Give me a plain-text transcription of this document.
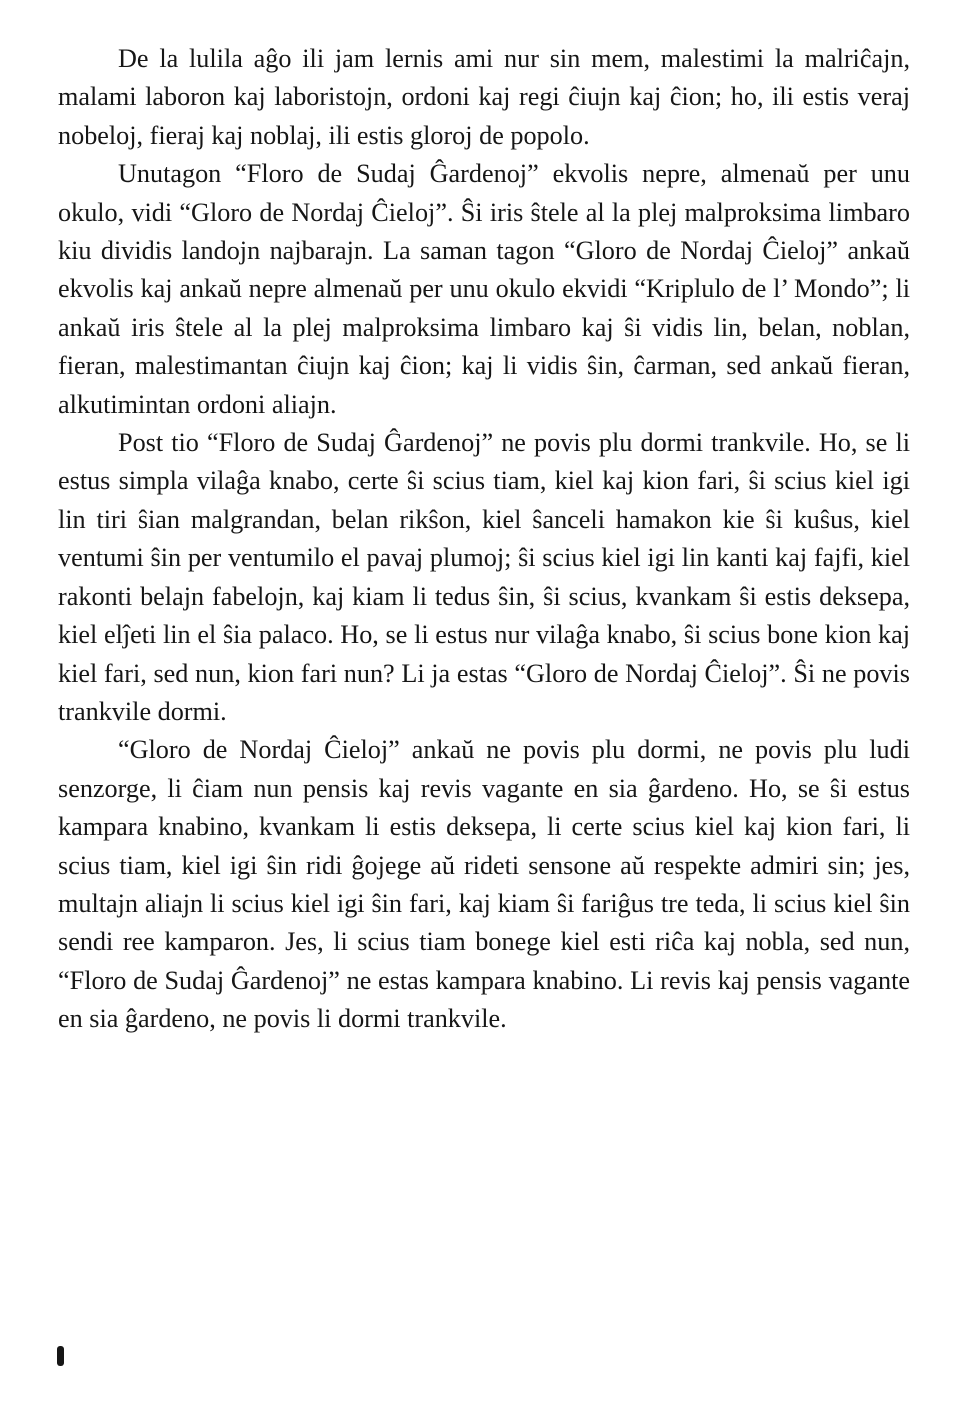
De la lulila aĝo ili jam lernis ami nur sin mem, malestimi la malriĉajn, malami laboron kaj laboristojn, ordoni kaj regi ĉiujn kaj ĉion; ho, ili estis veraj nobeloj, fieraj kaj noblaj, ili estis gloroj de popolo.

Unutagon “Floro de Sudaj Ĝardenoj” ekvolis nepre, almenaŭ per unu okulo, vidi “Gloro de Nordaj Ĉieloj”. Ŝi iris ŝtele al la plej malproksima limbaro kiu dividis landojn najbarajn. La saman tagon “Gloro de Nordaj Ĉieloj” ankaŭ ekvolis kaj ankaŭ nepre almenaŭ per unu okulo ekvidi “Kriplulo de l’ Mondo”; li ankaŭ iris ŝtele al la plej malproksima limbaro kaj ŝi vidis lin, belan, noblan, fieran, malestimantan ĉiujn kaj ĉion; kaj li vidis ŝin, ĉarman, sed ankaŭ fieran, alkutimintan ordoni aliajn.

Post tio “Floro de Sudaj Ĝardenoj” ne povis plu dormi trankvile. Ho, se li estus simpla vilaĝa knabo, certe ŝi scius tiam, kiel kaj kion fari, ŝi scius kiel igi lin tiri ŝian malgrandan, belan rikŝon, kiel ŝanceli hamakon kie ŝi kuŝus, kiel ventumi ŝin per ventumilo el pavaj plumoj; ŝi scius kiel igi lin kanti kaj fajfi, kiel rakonti belajn fabelojn, kaj kiam li tedus ŝin, ŝi scius, kvankam ŝi estis deksepa, kiel elĵeti lin el ŝia palaco. Ho, se li estus nur vilaĝa knabo, ŝi scius bone kion kaj kiel fari, sed nun, kion fari nun? Li ja estas “Gloro de Nordaj Ĉieloj”. Ŝi ne povis trankvile dormi.

“Gloro de Nordaj Ĉieloj” ankaŭ ne povis plu dormi, ne povis plu ludi senzorge, li ĉiam nun pensis kaj revis vagante en sia ĝardeno. Ho, se ŝi estus kampara knabino, kvankam li estis deksepa, li certe scius kiel kaj kion fari, li scius tiam, kiel igi ŝin ridi ĝojege aŭ rideti sensone aŭ respekte admiri sin; jes, multajn aliajn li scius kiel igi ŝin fari, kaj kiam ŝi fariĝus tre teda, li scius kiel ŝin sendi ree kamparon. Jes, li scius tiam bonege kiel esti riĉa kaj nobla, sed nun, “Floro de Sudaj Ĝardenoj” ne estas kampara knabino. Li revis kaj pensis vagante en sia ĝardeno, ne povis li dormi trankvile.
